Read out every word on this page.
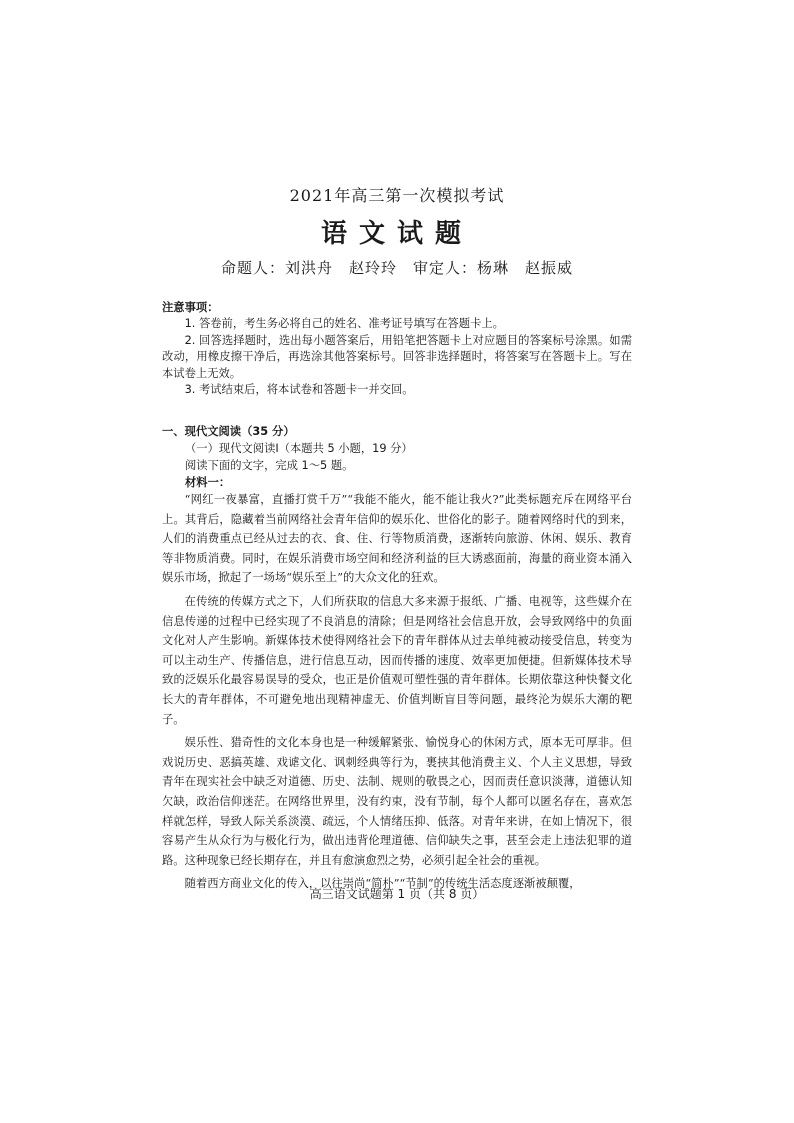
2021年高三第一次模拟考试
语文试题
命题人：刘洪舟　赵玲玲　审定人：杨琳　赵振威
注意事项：

1. 答卷前，考生务必将自己的姓名、准考证号填写在答题卡上。

2. 回答选择题时，选出每小题答案后，用铅笔把答题卡上对应题目的答案标号涂黑。如需改动，用橡皮擦干净后，再选涂其他答案标号。回答非选择题时，将答案写在答题卡上。写在本试卷上无效。

3. 考试结束后，将本试卷和答题卡一并交回。

一、现代文阅读（35 分）
（一）现代文阅读Ⅰ（本题共 5 小题，19 分）
阅读下面的文字，完成 1～5 题。
材料一：

“网红一夜暴富，直播打赏千万”“我能不能火，能不能让我火?”此类标题充斥在网络平台上。其背后，隐藏着当前网络社会青年信仰的娱乐化、世俗化的影子。随着网络时代的到来，人们的消费重点已经从过去的衣、食、住、行等物质消费，逐渐转向旅游、休闲、娱乐、教育等非物质消费。同时，在娱乐消费市场空间和经济利益的巨大诱惑面前，海量的商业资本涌入娱乐市场，掀起了一场场“娱乐至上”的大众文化的狂欢。

在传统的传媒方式之下，人们所获取的信息大多来源于报纸、广播、电视等，这些媒介在信息传递的过程中已经实现了不良消息的清除；但是网络社会信息开放，会导致网络中的负面文化对人产生影响。新媒体技术使得网络社会下的青年群体从过去单纯被动接受信息，转变为可以主动生产、传播信息，进行信息互动，因而传播的速度、效率更加便捷。但新媒体技术导致的泛娱乐化最容易误导的受众，也正是价值观可塑性强的青年群体。长期依靠这种快餐文化长大的青年群体，不可避免地出现精神虚无、价值判断盲目等问题，最终沦为娱乐大潮的靶子。

娱乐性、猎奇性的文化本身也是一种缓解紧张、愉悦身心的休闲方式，原本无可厚非。但戏说历史、恶搞英雄、戏谑文化、讽刺经典等行为，裹挟其他消费主义、个人主义思想，导致青年在现实社会中缺乏对道德、历史、法制、规则的敬畏之心，因而责任意识淡薄，道德认知欠缺，政治信仰迷茫。在网络世界里，没有约束，没有节制，每个人都可以匿名存在，喜欢怎样就怎样，导致人际关系淡漠、疏远，个人情绪压抑、低落。对青年来讲，在如上情况下，很容易产生从众行为与极化行为，做出违背伦理道德、信仰缺失之事，甚至会走上违法犯罪的道路。这种现象已经长期存在，并且有愈演愈烈之势，必须引起全社会的重视。

随着西方商业文化的传入，以往崇尚“简朴”“节制”的传统生活态度逐渐被颠覆，

高三语文试题第 1 页（共 8 页）
